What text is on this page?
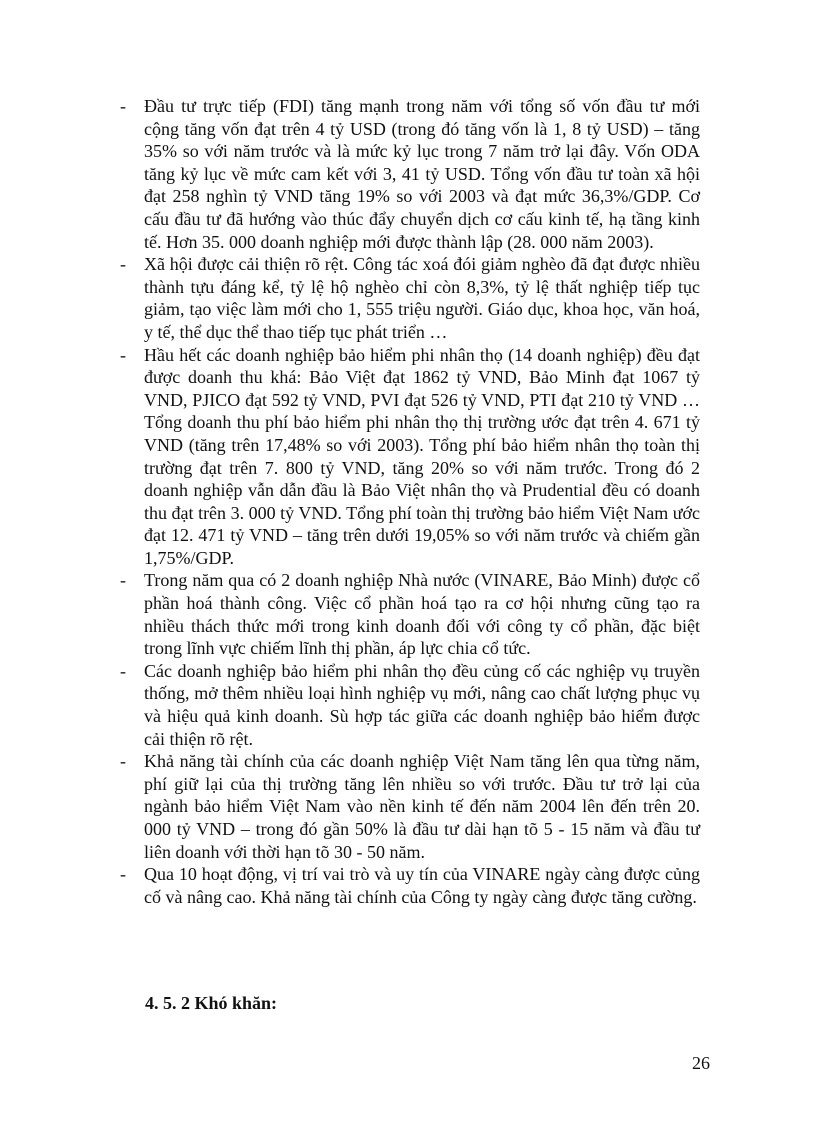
-	Đầu tư trực tiếp (FDI) tăng mạnh trong năm với tổng số vốn đầu tư mới cộng tăng vốn đạt trên 4 tỷ USD (trong đó tăng vốn là 1, 8 tỷ USD) – tăng 35% so với năm trước và là mức kỷ lục trong 7 năm trở lại đây. Vốn ODA tăng kỷ lục về mức cam kết với 3, 41 tỷ USD. Tổng vốn đầu tư toàn xã hội đạt 258 nghìn tỷ VND tăng 19% so với 2003 và đạt mức 36,3%/GDP. Cơ cấu đầu tư đã hướng vào thúc đẩy chuyển dịch cơ cấu kinh tế, hạ tầng kinh tế. Hơn 35. 000 doanh nghiệp mới được thành lập (28. 000 năm 2003).
-	Xã hội được cải thiện rõ rệt. Công tác xoá đói giảm nghèo đã đạt được nhiều thành tựu đáng kể, tỷ lệ hộ nghèo chỉ còn 8,3%, tỷ lệ thất nghiệp tiếp tục giảm, tạo việc làm mới cho 1, 555 triệu người. Giáo dục, khoa học, văn hoá, y tế, thể dục thể thao tiếp tục phát triển …
-	Hầu hết các doanh nghiệp bảo hiểm phi nhân thọ (14 doanh nghiệp) đều đạt được doanh thu khá: Bảo Việt đạt 1862 tỷ VND, Bảo Minh đạt 1067 tỷ VND, PJICO đạt 592 tỷ VND, PVI đạt 526 tỷ VND, PTI đạt 210 tỷ VND … Tổng doanh thu phí bảo hiểm phi nhân thọ thị trường ước đạt trên 4. 671 tỷ VND (tăng trên 17,48% so với 2003). Tổng phí bảo hiểm nhân thọ toàn thị trường đạt trên 7. 800 tỷ VND, tăng 20% so với năm trước. Trong đó 2 doanh nghiệp vẫn dẫn đầu là Bảo Việt nhân thọ và Prudential đều có doanh thu đạt trên 3. 000 tỷ VND. Tổng phí toàn thị trường bảo hiểm Việt Nam ước đạt 12. 471 tỷ VND – tăng trên dưới 19,05% so với năm trước và chiếm gần 1,75%/GDP.
-	Trong năm qua có 2 doanh nghiệp Nhà nước (VINARE, Bảo Minh) được cổ phần hoá thành công. Việc cổ phần hoá tạo ra cơ hội nhưng cũng tạo ra nhiều thách thức mới trong kinh doanh đối với công ty cổ phần, đặc biệt trong lĩnh vực chiếm lĩnh thị phần, áp lực chia cổ tức.
-	Các doanh nghiệp bảo hiểm phi nhân thọ đều củng cố các nghiệp vụ truyền thống, mở thêm nhiều loại hình nghiệp vụ mới, nâng cao chất lượng phục vụ và hiệu quả kinh doanh. Sù hợp tác giữa các doanh nghiệp bảo hiểm được cải thiện rõ rệt.
-	Khả năng tài chính của các doanh nghiệp Việt Nam tăng lên qua từng năm, phí giữ lại của thị trường tăng lên nhiều so với trước. Đầu tư trở lại của ngành bảo hiểm Việt Nam vào nền kinh tế đến năm 2004 lên đến trên 20. 000 tỷ VND – trong đó gần 50% là đầu tư dài hạn tõ 5 - 15 năm và đầu tư liên doanh với thời hạn tõ 30 - 50 năm.
-	Qua 10 hoạt động, vị trí vai trò và uy tín của VINARE ngày càng được củng cố và nâng cao. Khả năng tài chính của Công ty ngày càng được tăng cường.

4. 5. 2 Khó khăn:

26
